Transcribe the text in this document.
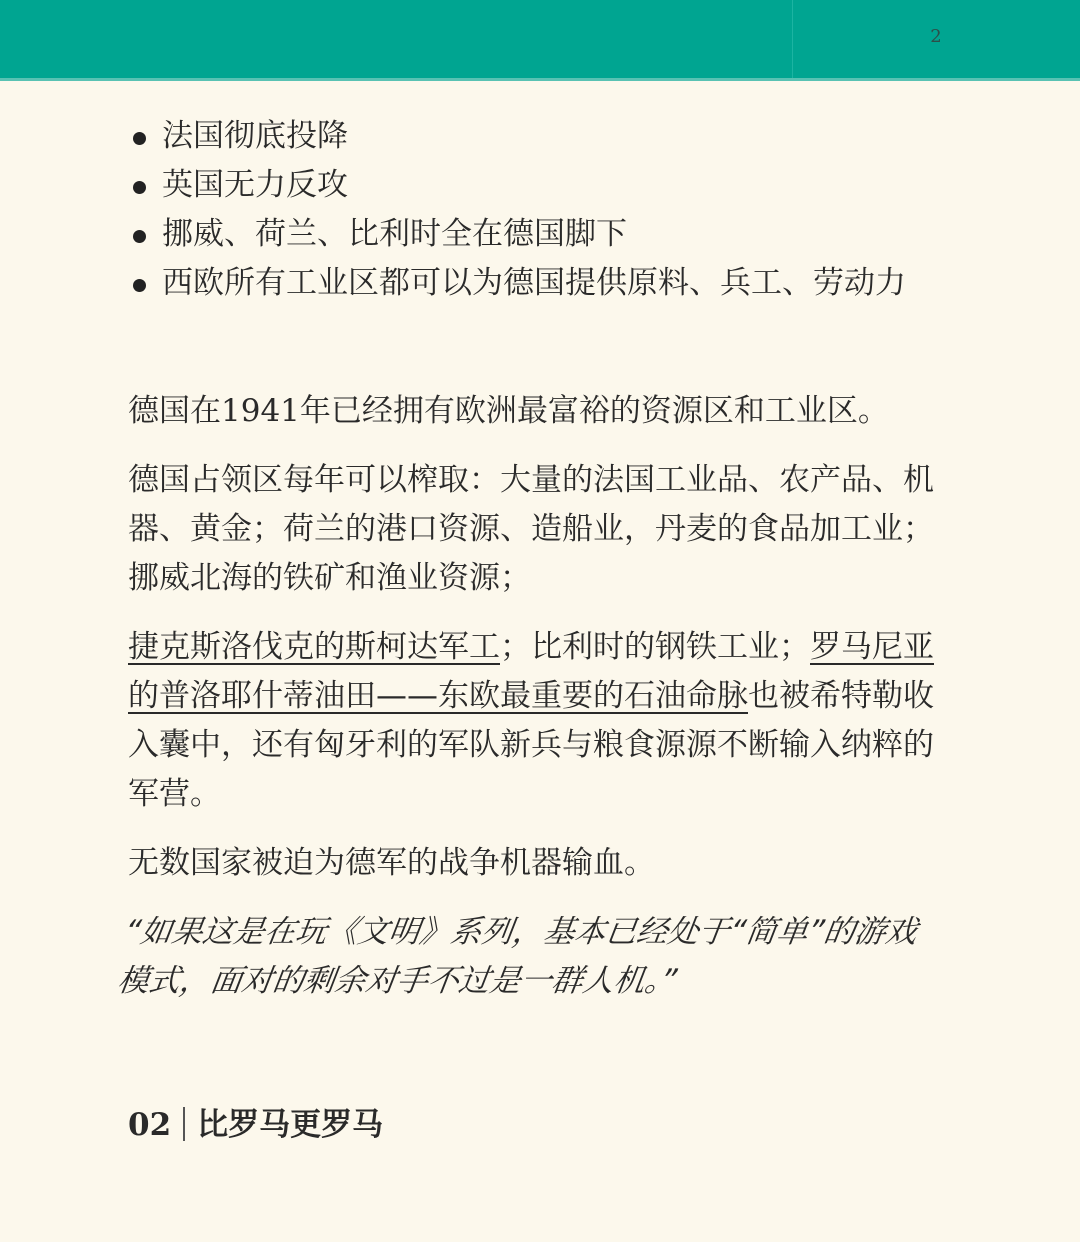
2
法国彻底投降
英国无力反攻
挪威、荷兰、比利时全在德国脚下
西欧所有工业区都可以为德国提供原料、兵工、劳动力

德国在1941年已经拥有欧洲最富裕的资源区和工业区。

德国占领区每年可以榨取：大量的法国工业品、农产品、机
器、黄金；荷兰的港口资源、造船业，丹麦的食品加工业；
挪威北海的铁矿和渔业资源；

捷克斯洛伐克的斯柯达军工；比利时的钢铁工业；罗马尼亚
的普洛耶什蒂油田——东欧最重要的石油命脉也被希特勒收
入囊中，还有匈牙利的军队新兵与粮食源源不断输入纳粹的
军营。

无数国家被迫为德军的战争机器输血。

“如果这是在玩《文明》系列，基本已经处于“简单”的游戏
模式，面对的剩余对手不过是一群人机。”

02 比罗马更罗马
